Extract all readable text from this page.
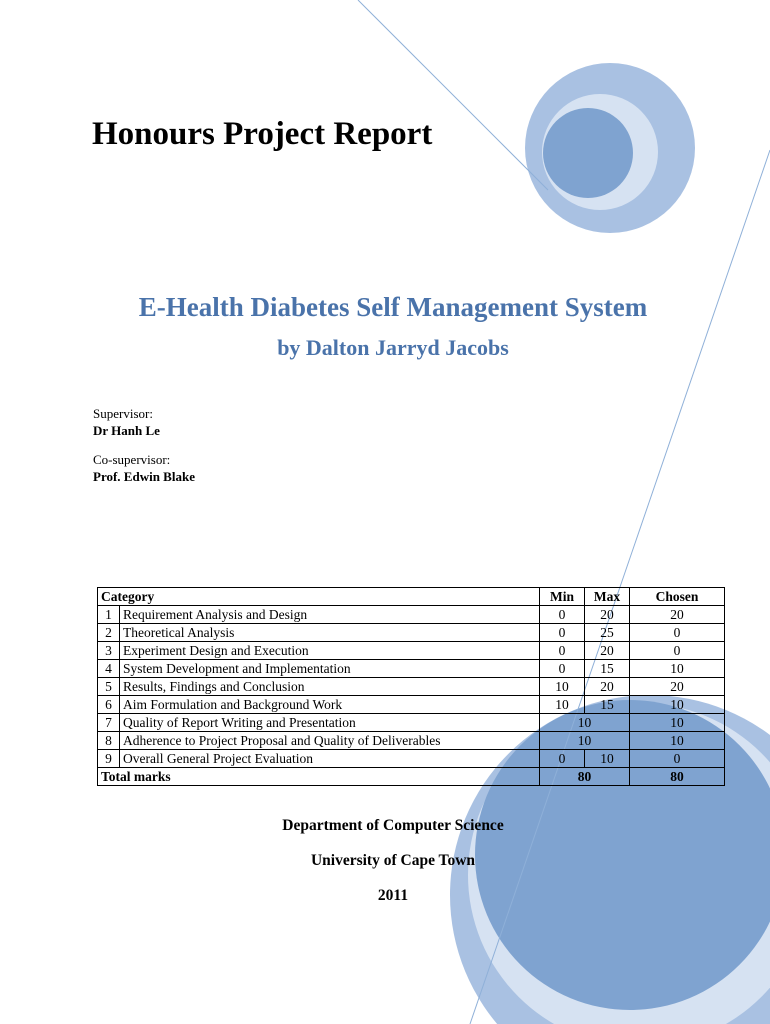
Honours Project Report
E-Health Diabetes Self Management System
by Dalton Jarryd Jacobs
Supervisor:
Dr Hanh Le
Co-supervisor:
Prof. Edwin Blake
Category		Min	Max	Chosen
1	Requirement Analysis and Design	0	20	20
2	Theoretical Analysis	0	25	0
3	Experiment Design and Execution	0	20	0
4	System Development and Implementation	0	15	10
5	Results, Findings and Conclusion	10	20	20
6	Aim Formulation and Background Work	10	15	10
7	Quality of Report Writing and Presentation	10		10
8	Adherence to Project Proposal and Quality of Deliverables	10		10
9	Overall General Project Evaluation	0	10	0
Total marks		80		80
Department of Computer Science
University of Cape Town
2011
